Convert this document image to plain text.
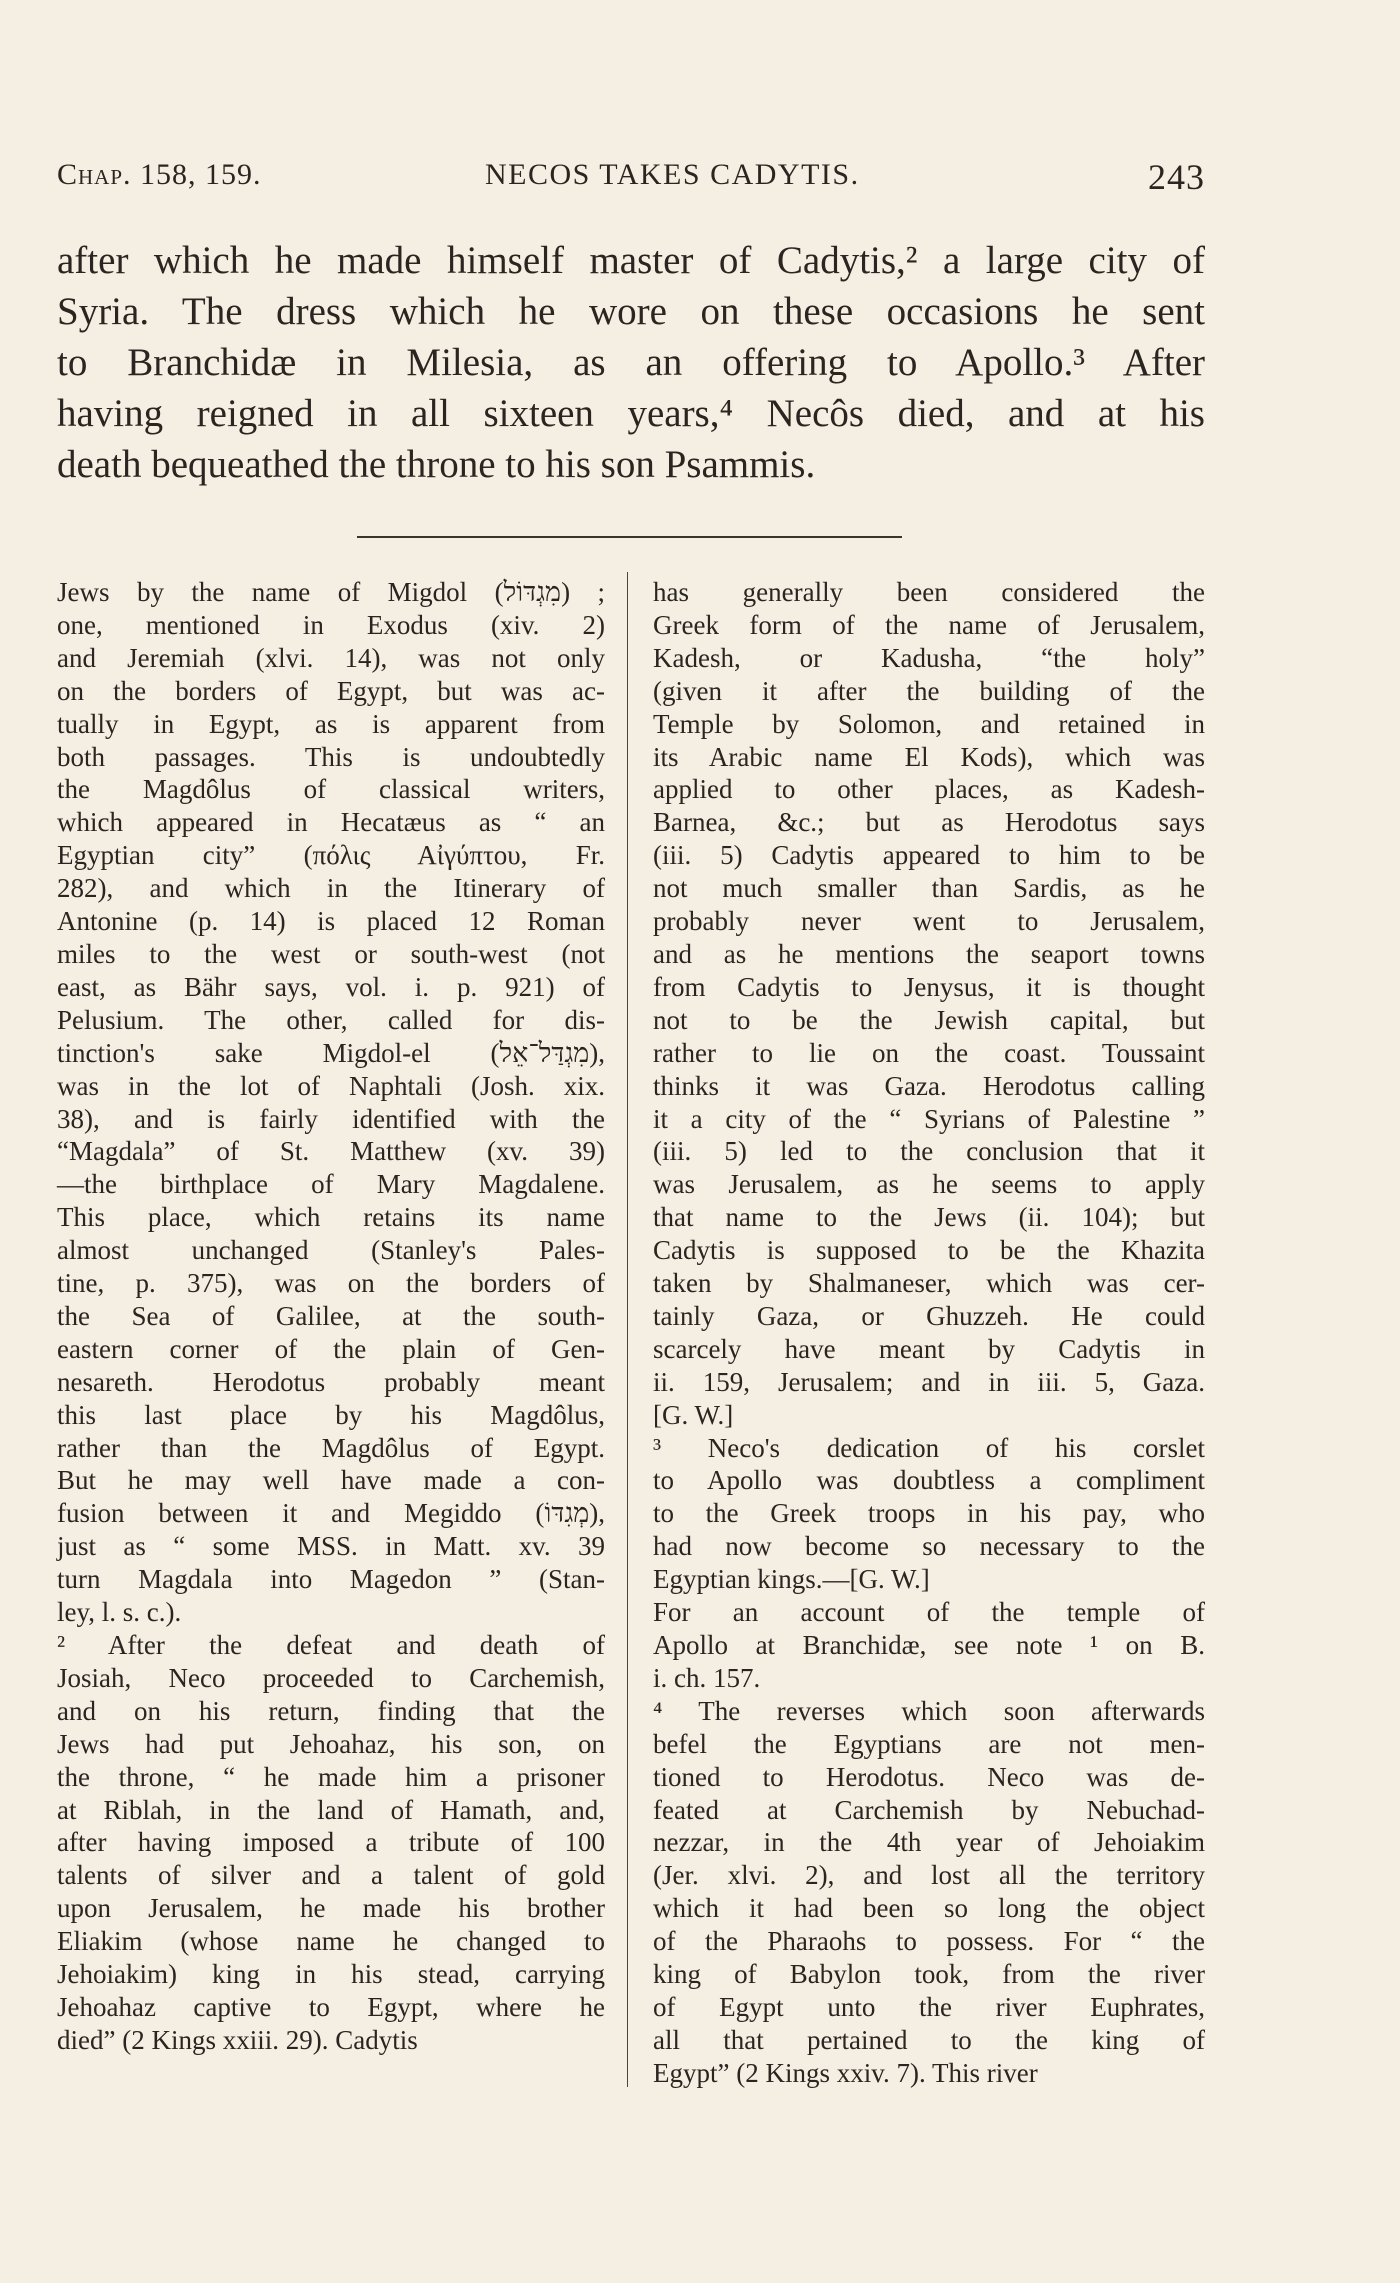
Chap. 158, 159.	NECOS TAKES CADYTIS.	243
after which he made himself master of Cadytis,² a large city of
Syria. The dress which he wore on these occasions he sent
to Branchidæ in Milesia, as an offering to Apollo.³ After
having reigned in all sixteen years,⁴ Necôs died, and at his
death bequeathed the throne to his son Psammis.
Jews by the name of Migdol (מִגְדּוֹל) ;
one, mentioned in Exodus (xiv. 2)
and Jeremiah (xlvi. 14), was not only
on the borders of Egypt, but was ac-
tually in Egypt, as is apparent from
both passages. This is undoubtedly
the Magdôlus of classical writers,
which appeared in Hecatæus as “ an
Egyptian city” (πόλις Αἰγύπτου, Fr.
282), and which in the Itinerary of
Antonine (p. 14) is placed 12 Roman
miles to the west or south-west (not
east, as Bähr says, vol. i. p. 921) of
Pelusium. The other, called for dis-
tinction's sake Migdol-el (מִגְדַּל־אֵל),
was in the lot of Naphtali (Josh. xix.
38), and is fairly identified with the
“Magdala” of St. Matthew (xv. 39)
—the birthplace of Mary Magdalene.
This place, which retains its name
almost unchanged (Stanley's Pales-
tine, p. 375), was on the borders of
the Sea of Galilee, at the south-
eastern corner of the plain of Gen-
nesareth. Herodotus probably meant
this last place by his Magdôlus,
rather than the Magdôlus of Egypt.
But he may well have made a con-
fusion between it and Megiddo (מְגִדּוֹ),
just as “ some MSS. in Matt. xv. 39
turn Magdala into Magedon ” (Stan-
ley, l. s. c.).
² After the defeat and death of
Josiah, Neco proceeded to Carchemish,
and on his return, finding that the
Jews had put Jehoahaz, his son, on
the throne, “ he made him a prisoner
at Riblah, in the land of Hamath, and,
after having imposed a tribute of 100
talents of silver and a talent of gold
upon Jerusalem, he made his brother
Eliakim (whose name he changed to
Jehoiakim) king in his stead, carrying
Jehoahaz captive to Egypt, where he
died” (2 Kings xxiii. 29). Cadytis
has generally been considered the
Greek form of the name of Jerusalem,
Kadesh, or Kadusha, “the holy”
(given it after the building of the
Temple by Solomon, and retained in
its Arabic name El Kods), which was
applied to other places, as Kadesh-
Barnea, &c.; but as Herodotus says
(iii. 5) Cadytis appeared to him to be
not much smaller than Sardis, as he
probably never went to Jerusalem,
and as he mentions the seaport towns
from Cadytis to Jenysus, it is thought
not to be the Jewish capital, but
rather to lie on the coast. Toussaint
thinks it was Gaza. Herodotus calling
it a city of the “ Syrians of Palestine ”
(iii. 5) led to the conclusion that it
was Jerusalem, as he seems to apply
that name to the Jews (ii. 104); but
Cadytis is supposed to be the Khazita
taken by Shalmaneser, which was cer-
tainly Gaza, or Ghuzzeh. He could
scarcely have meant by Cadytis in
ii. 159, Jerusalem; and in iii. 5, Gaza.
[G. W.]
³ Neco's dedication of his corslet
to Apollo was doubtless a compliment
to the Greek troops in his pay, who
had now become so necessary to the
Egyptian kings.—[G. W.]
For an account of the temple of
Apollo at Branchidæ, see note ¹ on B.
i. ch. 157.
⁴ The reverses which soon afterwards
befel the Egyptians are not men-
tioned to Herodotus. Neco was de-
feated at Carchemish by Nebuchad-
nezzar, in the 4th year of Jehoiakim
(Jer. xlvi. 2), and lost all the territory
which it had been so long the object
of the Pharaohs to possess. For “ the
king of Babylon took, from the river
of Egypt unto the river Euphrates,
all that pertained to the king of
Egypt” (2 Kings xxiv. 7). This river
